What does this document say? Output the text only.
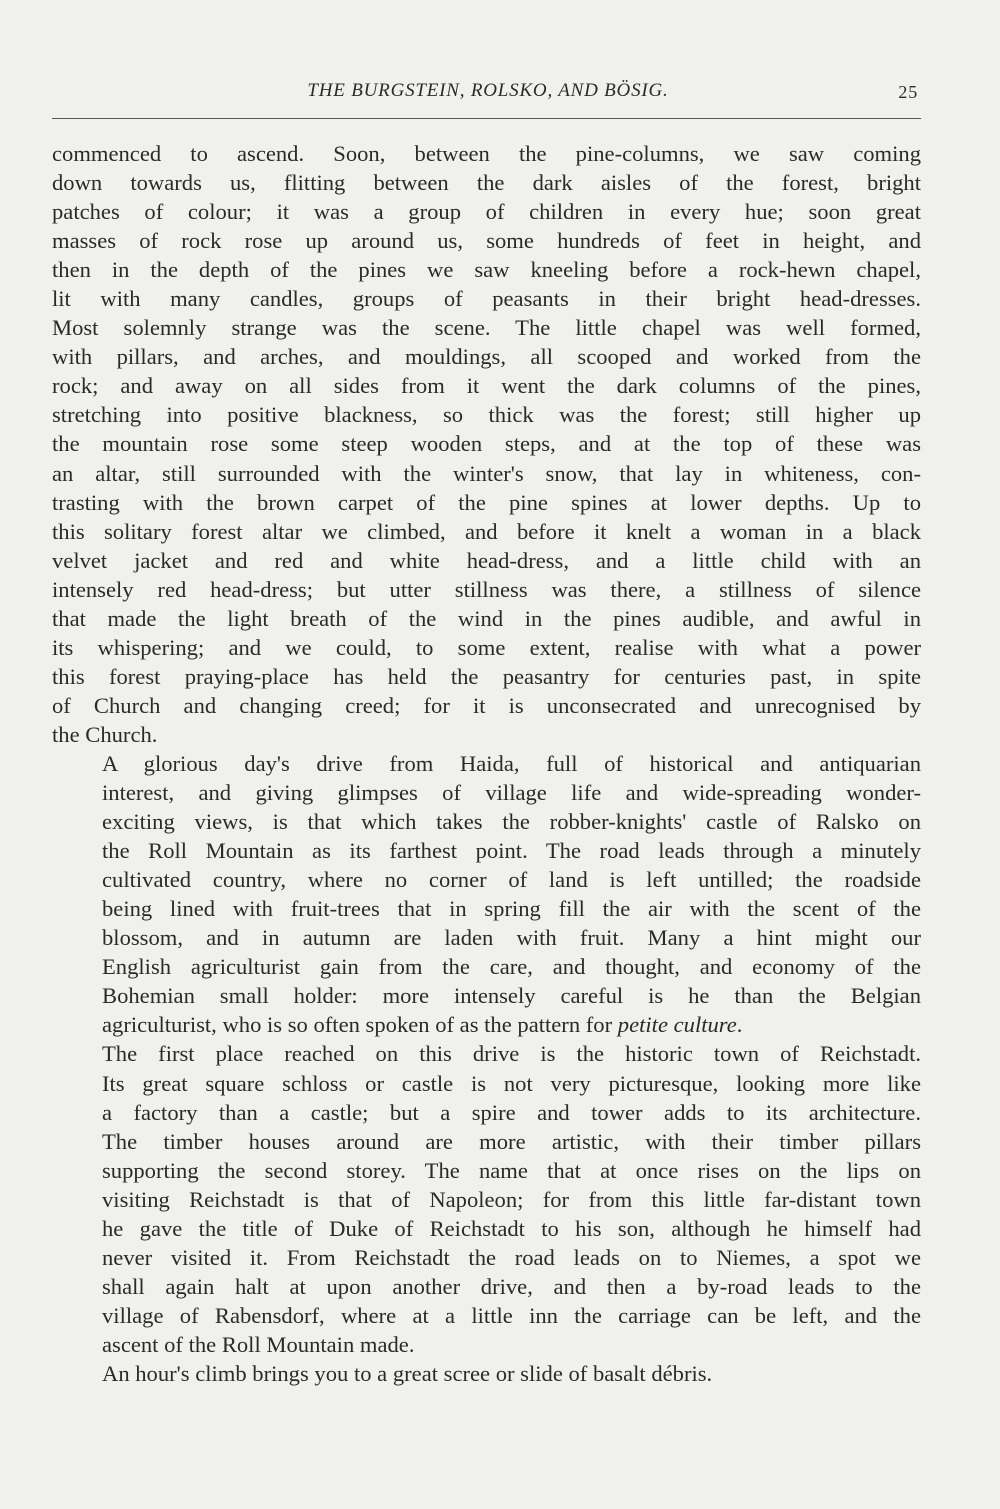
THE BURGSTEIN, ROLSKO, AND BÖSIG.	25

commenced to ascend. Soon, between the pine-columns, we saw coming
down towards us, flitting between the dark aisles of the forest, bright
patches of colour; it was a group of children in every hue; soon great
masses of rock rose up around us, some hundreds of feet in height, and
then in the depth of the pines we saw kneeling before a rock-hewn chapel,
lit with many candles, groups of peasants in their bright head-dresses.
Most solemnly strange was the scene. The little chapel was well formed,
with pillars, and arches, and mouldings, all scooped and worked from the
rock; and away on all sides from it went the dark columns of the pines,
stretching into positive blackness, so thick was the forest; still higher up
the mountain rose some steep wooden steps, and at the top of these was
an altar, still surrounded with the winter's snow, that lay in whiteness, con-
trasting with the brown carpet of the pine spines at lower depths. Up to
this solitary forest altar we climbed, and before it knelt a woman in a black
velvet jacket and red and white head-dress, and a little child with an
intensely red head-dress; but utter stillness was there, a stillness of silence
that made the light breath of the wind in the pines audible, and awful in
its whispering; and we could, to some extent, realise with what a power
this forest praying-place has held the peasantry for centuries past, in spite
of Church and changing creed; for it is unconsecrated and unrecognised by
the Church.

A glorious day's drive from Haida, full of historical and antiquarian
interest, and giving glimpses of village life and wide-spreading wonder-
exciting views, is that which takes the robber-knights' castle of Ralsko on
the Roll Mountain as its farthest point. The road leads through a minutely
cultivated country, where no corner of land is left untilled; the roadside
being lined with fruit-trees that in spring fill the air with the scent of the
blossom, and in autumn are laden with fruit. Many a hint might our
English agriculturist gain from the care, and thought, and economy of the
Bohemian small holder: more intensely careful is he than the Belgian
agriculturist, who is so often spoken of as the pattern for petite culture.

The first place reached on this drive is the historic town of Reichstadt.
Its great square schloss or castle is not very picturesque, looking more like
a factory than a castle; but a spire and tower adds to its architecture.
The timber houses around are more artistic, with their timber pillars
supporting the second storey. The name that at once rises on the lips on
visiting Reichstadt is that of Napoleon; for from this little far-distant town
he gave the title of Duke of Reichstadt to his son, although he himself had
never visited it. From Reichstadt the road leads on to Niemes, a spot we
shall again halt at upon another drive, and then a by-road leads to the
village of Rabensdorf, where at a little inn the carriage can be left, and the
ascent of the Roll Mountain made.

An hour's climb brings you to a great scree or slide of basalt débris.
